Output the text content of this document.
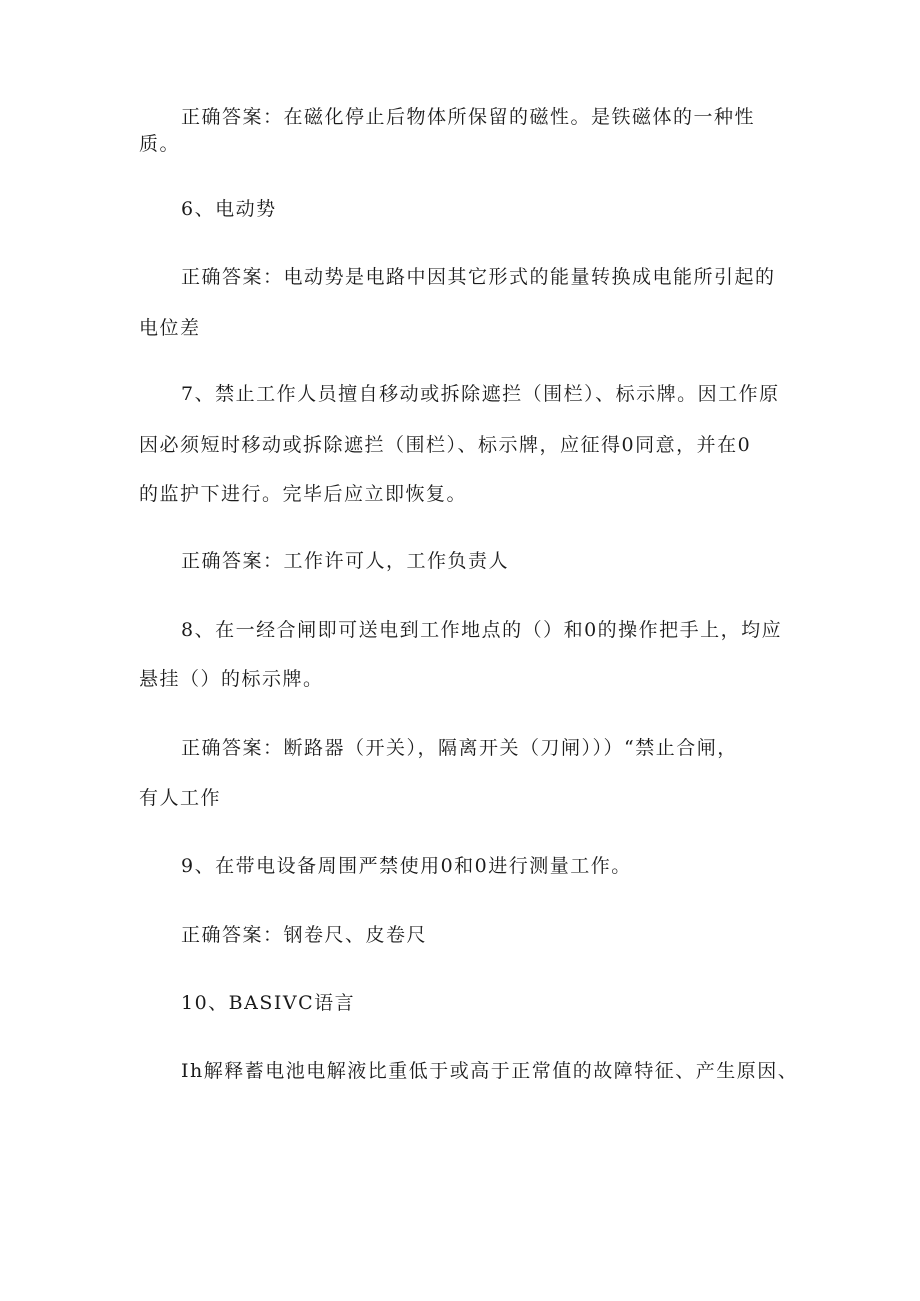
正确答案：在磁化停止后物体所保留的磁性。是铁磁体的一种性
质。
6、电动势
正确答案：电动势是电路中因其它形式的能量转换成电能所引起的
电位差
7、禁止工作人员擅自移动或拆除遮拦（围栏）、标示牌。因工作原
因必须短时移动或拆除遮拦（围栏）、标示牌，应征得0同意，并在0
的监护下进行。完毕后应立即恢复。
正确答案：工作许可人，工作负责人
8、在一经合闸即可送电到工作地点的（）和0的操作把手上，均应
悬挂（）的标示牌。
正确答案：断路器（开关），隔离开关（刀闸）））“禁止合闸，
有人工作
9、在带电设备周围严禁使用0和0进行测量工作。
正确答案：钢卷尺、皮卷尺
10、BASIVC语言
Ih解释蓄电池电解液比重低于或高于正常值的故障特征、产生原因、
